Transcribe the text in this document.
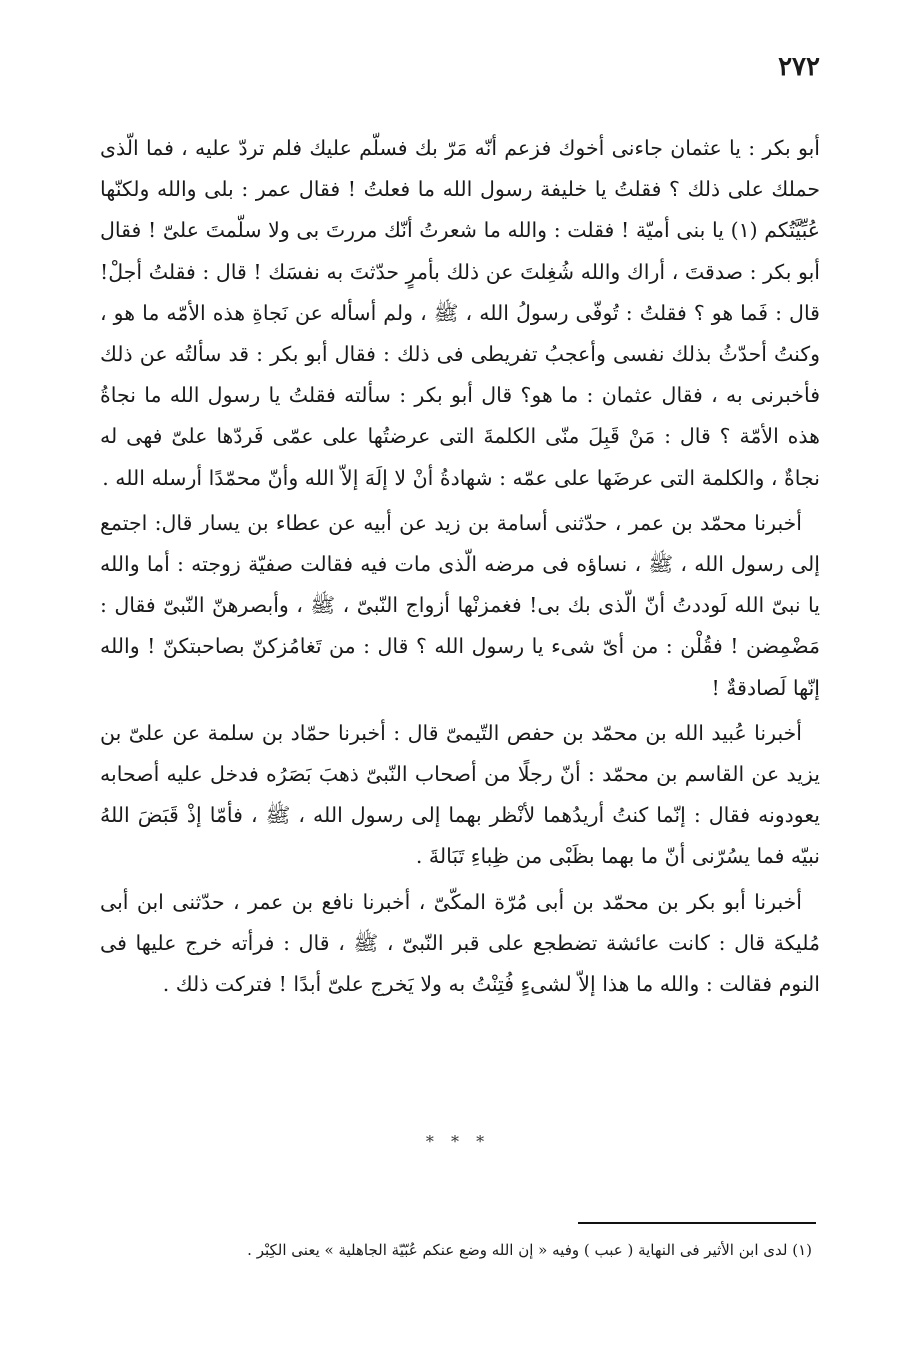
٢٧٢

أبو بكر : يا عثمان جاءنى أخوك فزعم أنّه مَرّ بك فسلّم عليك فلم تردّ عليه ، فما الّذى حملك على ذلك ؟ فقلتُ يا خليفة رسول الله ما فعلتُ ! فقال عمر : بلى والله ولكنّها عُبِّيَّتُكم (١) يا بنى أميّة ! فقلت : والله ما شعرتُ أنّك مررتَ بى ولا سلّمتَ علىّ ! فقال أبو بكر : صدقتَ ، أراك والله شُغِلتَ عن ذلك بأمرٍ حدّثتَ به نفسَك ! قال : فقلتُ أجلْ! قال : فَما هو ؟ فقلتُ : تُوفّى رسولُ الله ، ﷺ ، ولم أسأله عن نَجاةِ هذه الأمّه ما هو ، وكنتُ أحدّثُ بذلك نفسى وأعجبُ تفريطى فى ذلك : فقال أبو بكر : قد سألتُه عن ذلك فأخبرنى به ، فقال عثمان : ما هو؟ قال أبو بكر : سألته فقلتُ يا رسول الله ما نجاةُ هذه الأمّة ؟ قال : مَنْ قَبِلَ منّى الكلمةَ التى عرضتُها على عمّى فَردّها علىّ فهى له نجاةٌ ، والكلمة التى عرضَها على عمّه : شهادةُ أنْ لا إلَهَ إلاّ الله وأنّ محمّدًا أرسله الله .

أخبرنا محمّد بن عمر ، حدّثنى أسامة بن زيد عن أبيه عن عطاء بن يسار قال: اجتمع إلى رسول الله ، ﷺ ، نساؤه فى مرضه الّذى مات فيه فقالت صفيّة زوجته : أما والله يا نبىّ الله لَوددتُ أنّ الّذى بك بى! فغمزنْها أزواج النّبىّ ، ﷺ ، وأبصرهنّ النّبىّ فقال : مَضْمِضن ! فقُلْن : من أىّ شىء يا رسول الله ؟ قال : من تَغامُزكنّ بصاحبتكنّ ! والله إنّها لَصادقةٌ !

أخبرنا عُبيد الله بن محمّد بن حفص التّيمىّ قال : أخبرنا حمّاد بن سلمة عن علىّ بن يزيد عن القاسم بن محمّد : أنّ رجلًا من أصحاب النّبىّ ذهبَ بَصَرُه فدخل عليه أصحابه يعودونه فقال : إنّما كنتُ أريدُهما لأنْظر بهما إلى رسول الله ، ﷺ ، فأمّا إذْ قَبَضَ اللهُ نبيّه فما يسُرّنى أنّ ما بهما بظَبْى من ظِباءِ تَبَالةَ .

أخبرنا أبو بكر بن محمّد بن أبى مُرّة المكّىّ ، أخبرنا نافع بن عمر ، حدّثنى ابن أبى مُليكة قال : كانت عائشة تضطجع على قبر النّبىّ ، ﷺ ، قال : فرأته خرج عليها فى النوم فقالت : والله ما هذا إلاّ لشىءٍ فُتِنْتُ به ولا يَخرج علىّ أبدًا ! فتركت ذلك .

* * *
(١) لدى ابن الأثير فى النهاية ( عبب ) وفيه « إن الله وضع عنكم عُبّيّة الجاهلية » يعنى الكِبْر .
